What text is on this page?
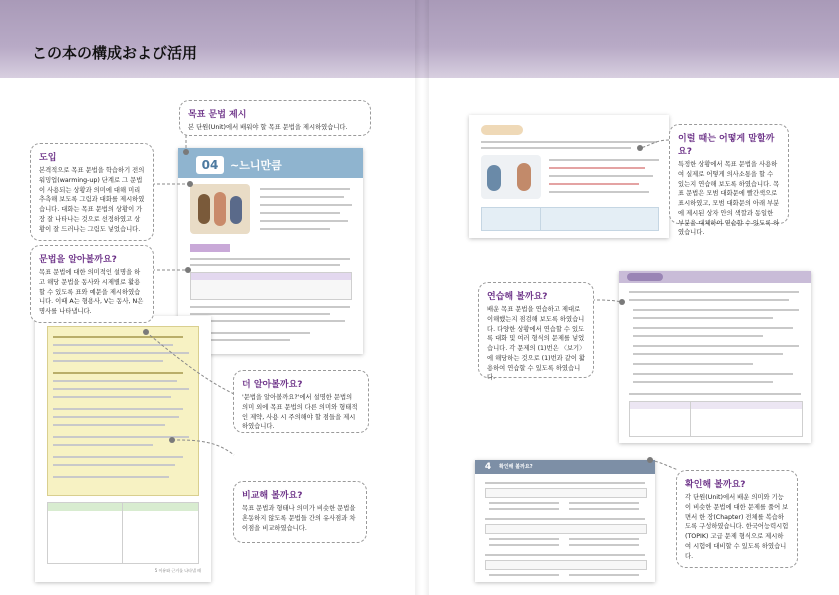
この本の構成および活用
04	~느니만큼
5 이유와 근거를 나타낼 때
4	확인해 볼까요?
목표 문법 제시
본 단원(Unit)에서 배워야 할 목표 문법을 제시하였습니다.
도입
본격적으로 목표 문법을 학습하기 전의 워밍업(warming-up) 단계로 그 문법이 사용되는 상황과 의미에 대해 미리 추측해 보도록 그림과 대화를 제시하였습니다. 대화는 목표 문법의 상황이 가장 잘 나타나는 것으로 선정하였고 상황이 잘 드러나는 그림도 넣었습니다.
문법을 알아볼까요?
목표 문법에 대한 의미적인 설명을 하고 해당 문법을 동사와 시제별로 활용할 수 있도록 표와 예문을 제시하였습니다. 이때 A는 형용사, V는 동사, N은 명사를 나타냅니다.
더 알아볼까요?
'문법을 알아볼까요?'에서 설명한 문법의 의미 외에 목표 문법의 다른 의미와 형태적인 제약, 사용 시 주의해야 할 점들을 제시하였습니다.
비교해 볼까요?
목표 문법과 형태나 의미가 비슷한 문법을 혼동하지 않도록 문법들 간의 유사점과 차이점을 비교하였습니다.
이럴 때는 어떻게 말할까요?
특정한 상황에서 목표 문법을 사용하여 실제로 어떻게 의사소통을 할 수 있는지 연습해 보도록 하였습니다. 목표 문법은 모범 대화문에 빨간색으로 표시하였고, 모범 대화문의 아래 부분에 제시된 상자 안의 색깔과 동일한 부분을 대체하여 연습할 수 있도록 하였습니다.
연습해 볼까요?
배운 목표 문법을 연습하고 제대로 이해했는지 점검해 보도록 하였습니다. 다양한 상황에서 연습할 수 있도록 대화 및 여러 형식의 문제를 넣었습니다. 각 문제의 (1)번은 〈보기〉에 해당하는 것으로 (1)번과 같이 활용하여 연습할 수 있도록 하였습니다.
확인해 볼까요?
각 단원(Unit)에서 배운 의미와 기능이 비슷한 문법에 대한 문제를 풀어 보면서 한 장(Chapter) 전체를 복습하도록 구성하였습니다. 한국어능력시험(TOPIK) 고급 문제 형식으로 제시하여 시험에 대비할 수 있도록 하였습니다.
